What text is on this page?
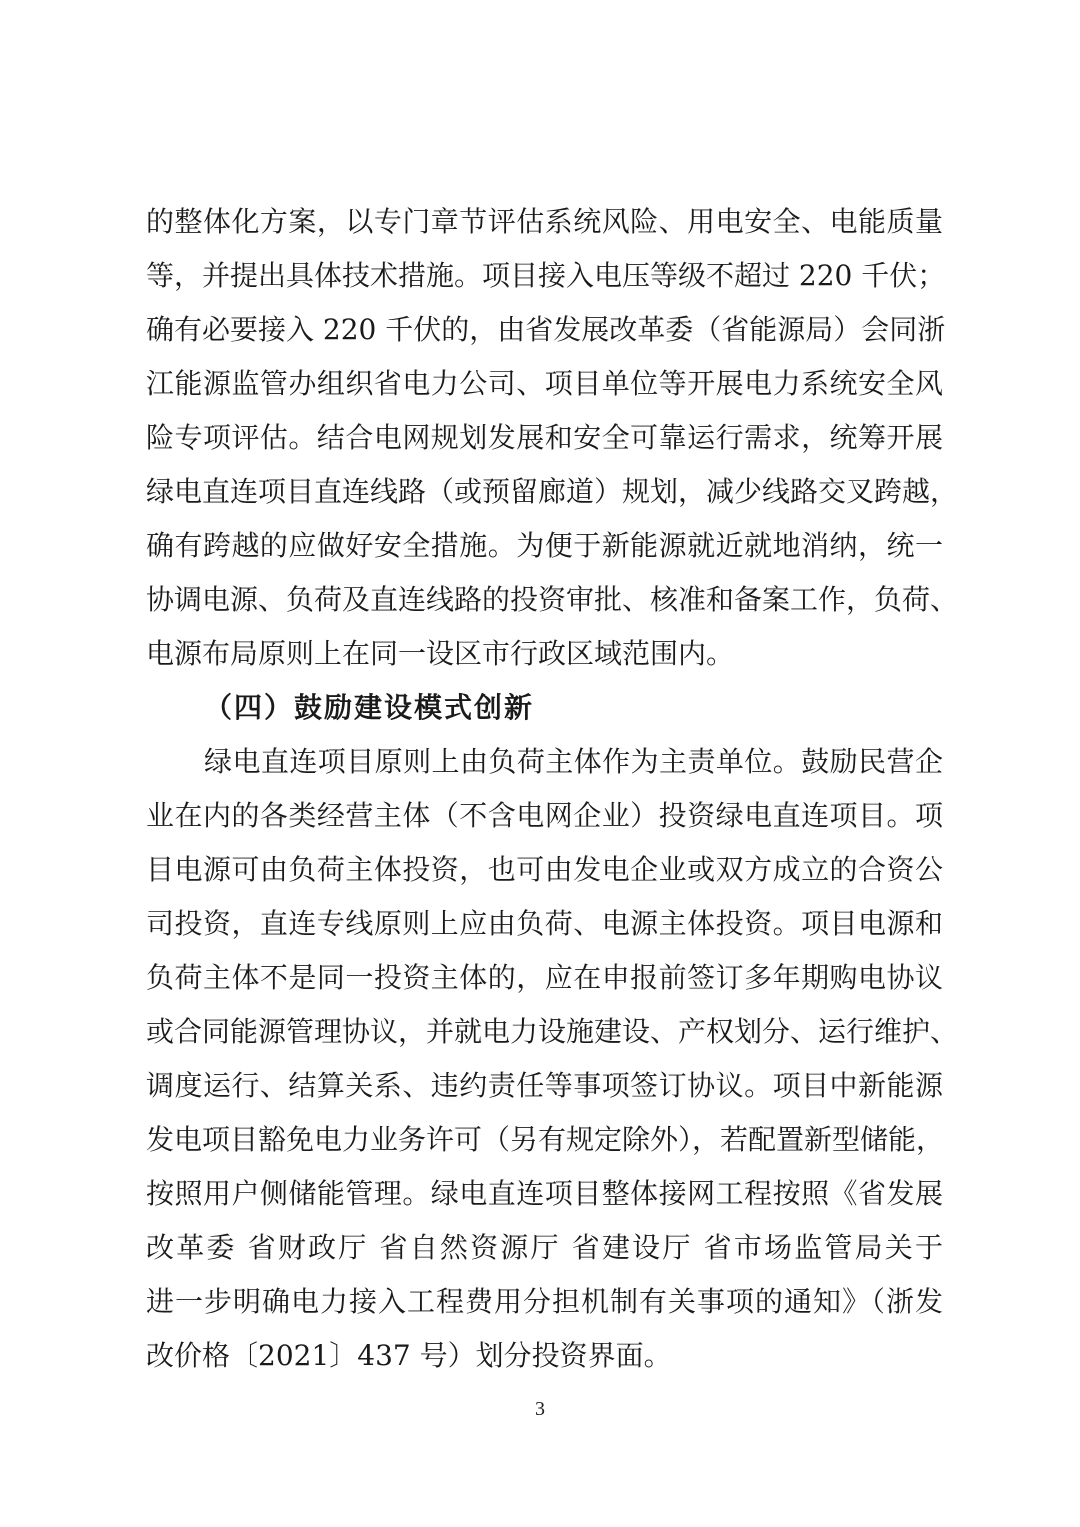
的整体化方案，以专门章节评估系统风险、用电安全、电能质量
等，并提出具体技术措施。项目接入电压等级不超过 220 千伏；
确有必要接入 220 千伏的，由省发展改革委（省能源局）会同浙
江能源监管办组织省电力公司、项目单位等开展电力系统安全风
险专项评估。结合电网规划发展和安全可靠运行需求，统筹开展
绿电直连项目直连线路（或预留廊道）规划，减少线路交叉跨越，
确有跨越的应做好安全措施。为便于新能源就近就地消纳，统一
协调电源、负荷及直连线路的投资审批、核准和备案工作，负荷、
电源布局原则上在同一设区市行政区域范围内。
（四）鼓励建设模式创新
绿电直连项目原则上由负荷主体作为主责单位。鼓励民营企
业在内的各类经营主体（不含电网企业）投资绿电直连项目。项
目电源可由负荷主体投资，也可由发电企业或双方成立的合资公
司投资，直连专线原则上应由负荷、电源主体投资。项目电源和
负荷主体不是同一投资主体的，应在申报前签订多年期购电协议
或合同能源管理协议，并就电力设施建设、产权划分、运行维护、
调度运行、结算关系、违约责任等事项签订协议。项目中新能源
发电项目豁免电力业务许可（另有规定除外），若配置新型储能，
按照用户侧储能管理。绿电直连项目整体接网工程按照《省发展
改革委 省财政厅 省自然资源厅 省建设厅 省市场监管局关于
进一步明确电力接入工程费用分担机制有关事项的通知》（浙发
改价格〔2021〕437 号）划分投资界面。
3
